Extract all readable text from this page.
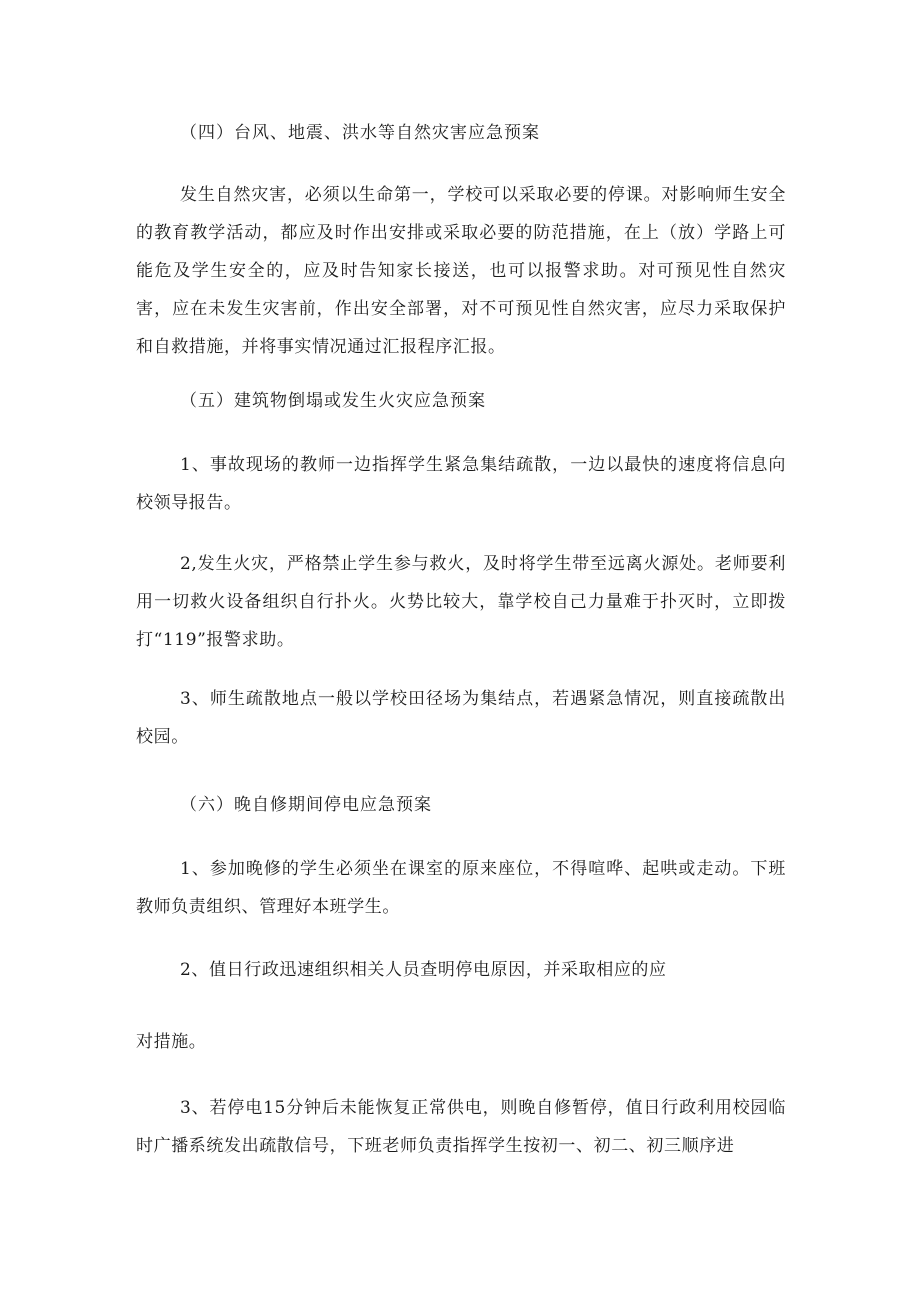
（四）台风、地震、洪水等自然灾害应急预案

发生自然灾害，必须以生命第一，学校可以采取必要的停课。对影响师生安全的教育教学活动，都应及时作出安排或采取必要的防范措施，在上（放）学路上可能危及学生安全的，应及时告知家长接送，也可以报警求助。对可预见性自然灾害，应在未发生灾害前，作出安全部署，对不可预见性自然灾害，应尽力采取保护和自救措施，并将事实情况通过汇报程序汇报。

（五）建筑物倒塌或发生火灾应急预案

1、事故现场的教师一边指挥学生紧急集结疏散，一边以最快的速度将信息向校领导报告。

2,发生火灾，严格禁止学生参与救火，及时将学生带至远离火源处。老师要利用一切救火设备组织自行扑火。火势比较大，靠学校自己力量难于扑灭时，立即拨打“119”报警求助。

3、师生疏散地点一般以学校田径场为集结点，若遇紧急情况，则直接疏散出校园。

（六）晚自修期间停电应急预案

1、参加晚修的学生必须坐在课室的原来座位，不得喧哗、起哄或走动。下班教师负责组织、管理好本班学生。

2、值日行政迅速组织相关人员查明停电原因，并采取相应的应

对措施。

3、若停电15分钟后未能恢复正常供电，则晚自修暂停，值日行政利用校园临时广播系统发出疏散信号，下班老师负责指挥学生按初一、初二、初三顺序进
